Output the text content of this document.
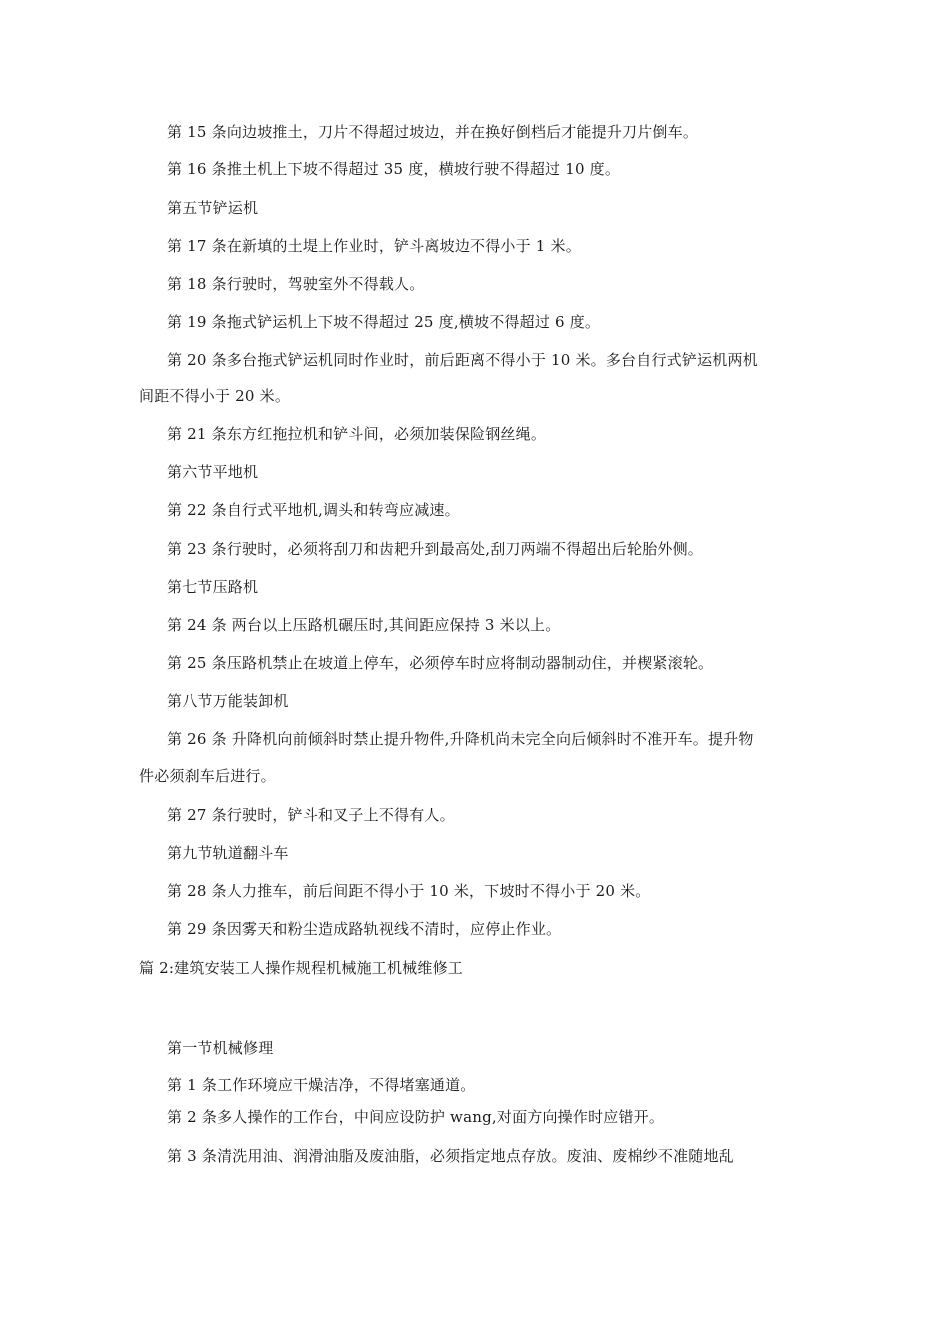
第 15 条向边坡推土，刀片不得超过坡边，并在换好倒档后才能提升刀片倒车。
第 16 条推土机上下坡不得超过 35 度，横坡行驶不得超过 10 度。
第五节铲运机
第 17 条在新填的土堤上作业时，铲斗离坡边不得小于 1 米。
第 18 条行驶时，驾驶室外不得载人。
第 19 条拖式铲运机上下坡不得超过 25 度,横坡不得超过 6 度。
第 20 条多台拖式铲运机同时作业时，前后距离不得小于 10 米。多台自行式铲运机两机
间距不得小于 20 米。
第 21 条东方红拖拉机和铲斗间，必须加装保险钢丝绳。
第六节平地机
第 22 条自行式平地机,调头和转弯应减速。
第 23 条行驶时，必须将刮刀和齿耙升到最高处,刮刀两端不得超出后轮胎外侧。
第七节压路机
第 24 条 两台以上压路机碾压时,其间距应保持 3 米以上。
第 25 条压路机禁止在坡道上停车，必须停车时应将制动器制动住，并楔紧滚轮。
第八节万能装卸机
第 26 条 升降机向前倾斜时禁止提升物件,升降机尚未完全向后倾斜时不准开车。提升物
件必须刹车后进行。
第 27 条行驶时，铲斗和叉子上不得有人。
第九节轨道翻斗车
第 28 条人力推车，前后间距不得小于 10 米，下坡时不得小于 20 米。
第 29 条因雾天和粉尘造成路轨视线不清时，应停止作业。
篇 2:建筑安装工人操作规程机械施工机械维修工
第一节机械修理
第 1 条工作环境应干燥洁净，不得堵塞通道。
第 2 条多人操作的工作台，中间应设防护 wang,对面方向操作时应错开。
第 3 条清洗用油、润滑油脂及废油脂，必须指定地点存放。废油、废棉纱不准随地乱
